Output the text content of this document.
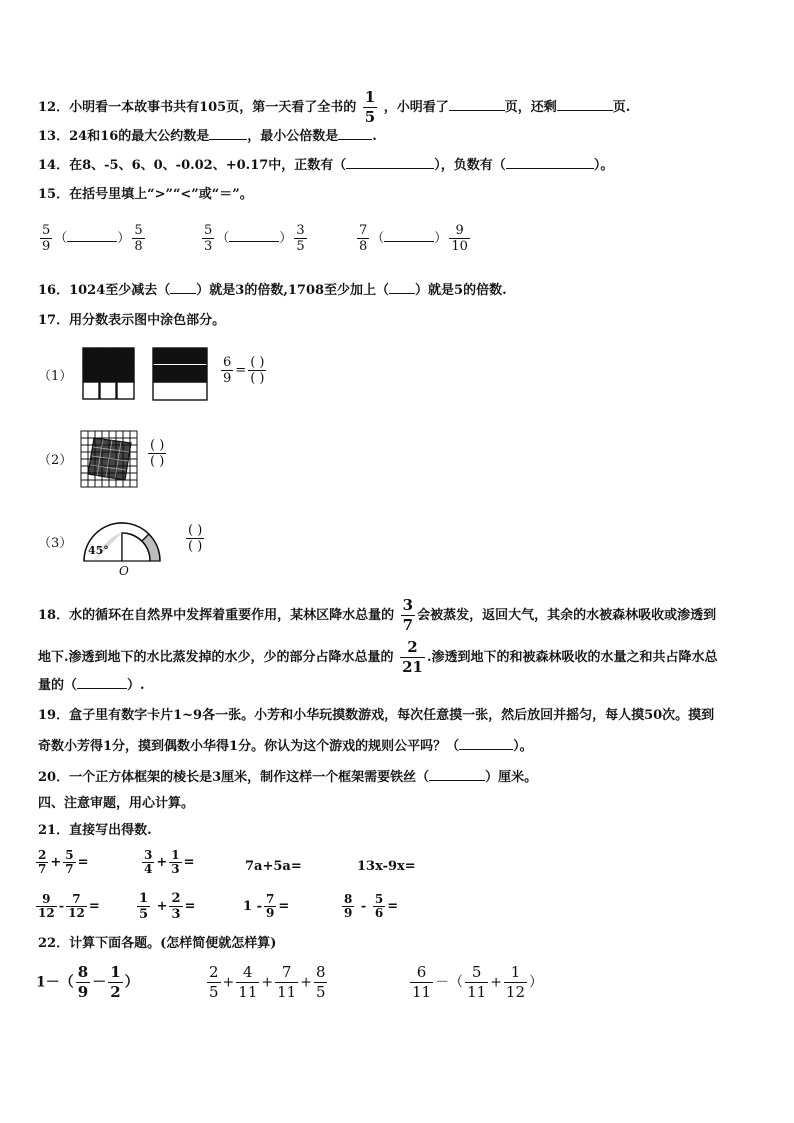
12．小明看一本故事书共有105页，第一天看了全书的 $\frac{1}{5}$ ，小明看了	页，还剩	页.
13．24和16的最大公约数是	，最小公倍数是	.
14．在8、-5、6、0、-0.02、+0.17中，正数有（	），负数有（	）。
15．在括号里填上“>”“<”或“＝”。
$\frac{5}{9}$ （	） $\frac{5}{8}$	$\frac{5}{3}$ （	） $\frac{3}{5}$	$\frac{7}{8}$ （	） $\frac{9}{10}$
16．1024至少减去（ ）就是3的倍数,1708至少加上（ ）就是5的倍数.
17．用分数表示图中涂色部分。
（1）	$\frac{6}{9} = \frac{( )}{( )}$
（2）	$\frac{( )}{( )}$
（3） 45°
O
$\frac{( )}{( )}$
18．水的循环在自然界中发挥着重要作用，某林区降水总量的 $\frac{3}{7}$ 会被蒸发，返回大气，其余的水被森林吸收或渗透到
地下.渗透到地下的水比蒸发掉的水少，少的部分占降水总量的 $\frac{2}{21}$ .渗透到地下的和被森林吸收的水量之和共占降水总
量的（	）.
19．盒子里有数字卡片1~9各一张。小芳和小华玩摸数游戏，每次任意摸一张，然后放回并摇匀，每人摸50次。摸到
奇数小芳得1分，摸到偶数小华得1分。你认为这个游戏的规则公平吗？（	）。
20．一个正方体框架的棱长是3厘米，制作这样一个框架需要铁丝（	）厘米。
四、注意审题，用心计算。
21．直接写出得数.
$\frac{2}{7} + \frac{5}{7}$ =	$\frac{3}{4} + \frac{1}{3}$ =	7a+5a=	13x-9x=
$\frac{9}{12} - \frac{7}{12}$ =	$\frac{1}{5} + \frac{2}{3}$ =	$1 - \frac{7}{9}$ =	$\frac{8}{9} - \frac{5}{6}$ =
22．计算下面各题。(怎样简便就怎样算)
$1-( \frac{8}{9} - \frac{1}{2}$ ）	$\frac{2}{5} + \frac{4}{11} + \frac{7}{11} + \frac{8}{5}$	$\frac{6}{11}$ －（ $\frac{5}{11} + \frac{1}{12}$ ）
